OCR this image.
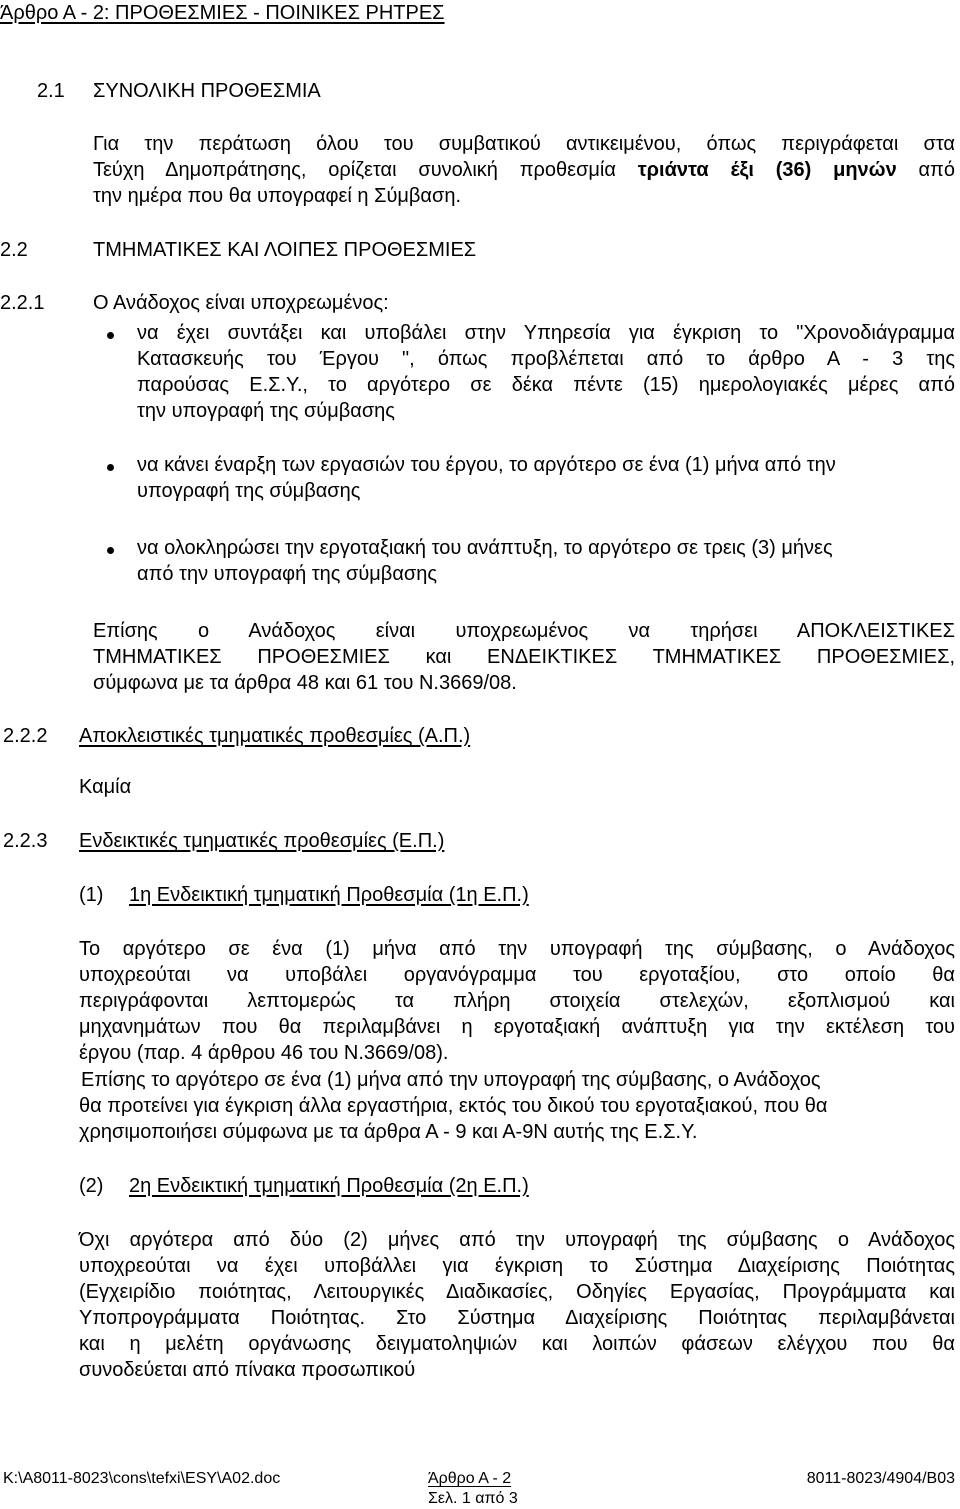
Άρθρο Α - 2: ΠΡΟΘΕΣΜΙΕΣ - ΠΟΙΝΙΚΕΣ ΡΗΤΡΕΣ
2.1 ΣΥΝΟΛΙΚΗ ΠΡΟΘΕΣΜΙΑ
Για την περάτωση όλου του συμβατικού αντικειμένου, όπως περιγράφεται στα
Τεύχη Δημοπράτησης, ορίζεται συνολική προθεσμία τριάντα έξι (36) μηνών από
την ημέρα που θα υπογραφεί η Σύμβαση.
2.2	ΤΜΗΜΑΤΙΚΕΣ ΚΑΙ ΛΟΙΠΕΣ ΠΡΟΘΕΣΜΙΕΣ
2.2.1 Ο Ανάδοχος είναι υποχρεωμένος:
να έχει συντάξει και υποβάλει στην Υπηρεσία για έγκριση το "Χρονοδιάγραμμα
Κατασκευής του Έργου ", όπως προβλέπεται από το άρθρο Α - 3 της
παρούσας Ε.Σ.Υ., το αργότερο σε δέκα πέντε (15) ημερολογιακές μέρες από
την υπογραφή της σύμβασης
να κάνει έναρξη των εργασιών του έργου, το αργότερο σε ένα (1) μήνα από την
υπογραφή της σύμβασης
να ολοκληρώσει την εργοταξιακή του ανάπτυξη, το αργότερο σε τρεις (3) μήνες
από την υπογραφή της σύμβασης
Επίσης ο Ανάδοχος είναι υποχρεωμένος να τηρήσει ΑΠΟΚΛΕΙΣΤΙΚΕΣ
ΤΜΗΜΑΤΙΚΕΣ ΠΡΟΘΕΣΜΙΕΣ και ΕΝΔΕΙΚΤΙΚΕΣ ΤΜΗΜΑΤΙΚΕΣ ΠΡΟΘΕΣΜΙΕΣ,
σύμφωνα με τα άρθρα 48 και 61 του Ν.3669/08.
2.2.2 Αποκλειστικές τμηματικές προθεσμίες (Α.Π.)
Καμία
2.2.3 Ενδεικτικές τμηματικές προθεσμίες (Ε.Π.)
(1) 1η Ενδεικτική τμηματική Προθεσμία (1η Ε.Π.)
Το αργότερο σε ένα (1) μήνα από την υπογραφή της σύμβασης, ο Ανάδοχος
υποχρεούται να υποβάλει οργανόγραμμα του εργοταξίου, στο οποίο θα
περιγράφονται λεπτομερώς τα πλήρη στοιχεία στελεχών, εξοπλισμού και
μηχανημάτων που θα περιλαμβάνει η εργοταξιακή ανάπτυξη για την εκτέλεση του
έργου (παρ. 4 άρθρου 46 του Ν.3669/08).
Επίσης το αργότερο σε ένα (1) μήνα από την υπογραφή της σύμβασης, ο Ανάδοχος
θα προτείνει για έγκριση άλλα εργαστήρια, εκτός του δικού του εργοταξιακού, που θα
χρησιμοποιήσει σύμφωνα με τα άρθρα Α - 9 και Α-9Ν αυτής της Ε.Σ.Υ.
(2) 2η Ενδεικτική τμηματική Προθεσμία (2η Ε.Π.)
Όχι αργότερα από δύο (2) μήνες από την υπογραφή της σύμβασης ο Ανάδοχος
υποχρεούται να έχει υποβάλλει για έγκριση το Σύστημα Διαχείρισης Ποιότητας
(Εγχειρίδιο ποιότητας, Λειτουργικές Διαδικασίες, Οδηγίες Εργασίας, Προγράμματα και
Υποπρογράμματα Ποιότητας. Στο Σύστημα Διαχείρισης Ποιότητας περιλαμβάνεται
και η μελέτη οργάνωσης δειγματοληψιών και λοιπών φάσεων ελέγχου που θα
συνοδεύεται από πίνακα προσωπικού
K:\A8011-8023\cons\tefxi\ESY\A02.doc	Άρθρο Α - 2
Σελ. 1 από 3
8011-8023/4904/B03
